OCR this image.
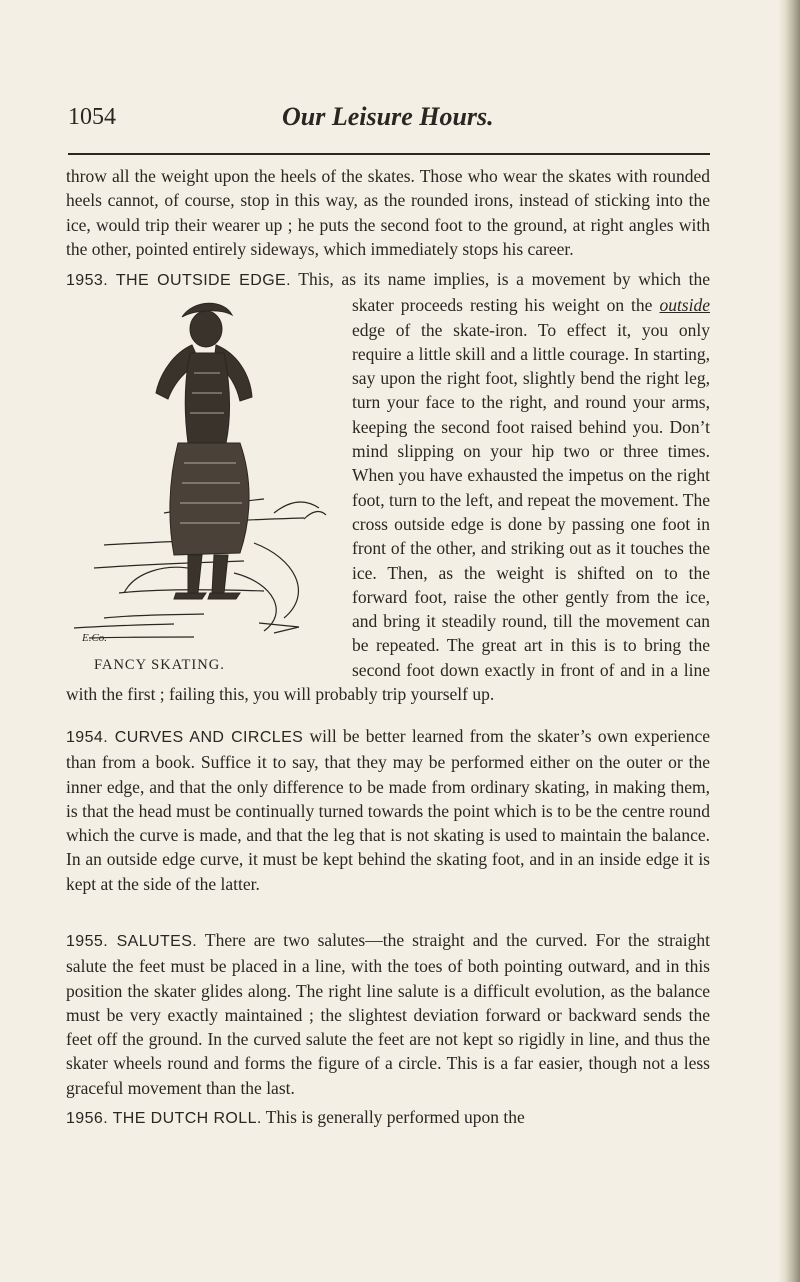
1054	Our Leisure Hours.

throw all the weight upon the heels of the skates. Those who wear the skates with rounded heels cannot, of course, stop in this way, as the rounded irons, instead of sticking into the ice, would trip their wearer up ; he puts the second foot to the ground, at right angles with the other, pointed entirely sideways, which immediately stops his career.

1953. THE OUTSIDE EDGE. This, as its name implies, is a movement by which the skater proceeds resting his weight on the outside
E.Co.
FANCY SKATING.
edge of the skate-iron. To effect it, you only require a little skill and a little courage. In starting, say upon the right foot, slightly bend the right leg, turn your face to the right, and round your arms, keeping the second foot raised behind you. Don’t mind slipping on your hip two or three times. When you have exhausted the impetus on the right foot, turn to the left, and repeat the movement. The cross outside edge is done by passing one foot in front of the other, and striking out as it touches the ice. Then, as the weight is shifted on to the forward foot, raise the other gently from the ice, and bring it steadily round, till the movement can be repeated. The great art in this is to bring the second foot down exactly in front of and in a line with the first ; failing this, you will probably trip yourself up.

1954. CURVES AND CIRCLES will be better learned from the skater’s own experience than from a book. Suffice it to say, that they may be performed either on the outer or the inner edge, and that the only difference to be made from ordinary skating, in making them, is that the head must be continually turned towards the point which is to be the centre round which the curve is made, and that the leg that is not skating is used to maintain the balance. In an outside edge curve, it must be kept behind the skating foot, and in an inside edge it is kept at the side of the latter.

1955. SALUTES. There are two salutes—the straight and the curved. For the straight salute the feet must be placed in a line, with the toes of both pointing outward, and in this position the skater glides along. The right line salute is a difficult evolution, as the balance must be very exactly maintained ; the slightest deviation forward or backward sends the feet off the ground. In the curved salute the feet are not kept so rigidly in line, and thus the skater wheels round and forms the figure of a circle. This is a far easier, though not a less graceful movement than the last.

1956. THE DUTCH ROLL. This is generally performed upon the
